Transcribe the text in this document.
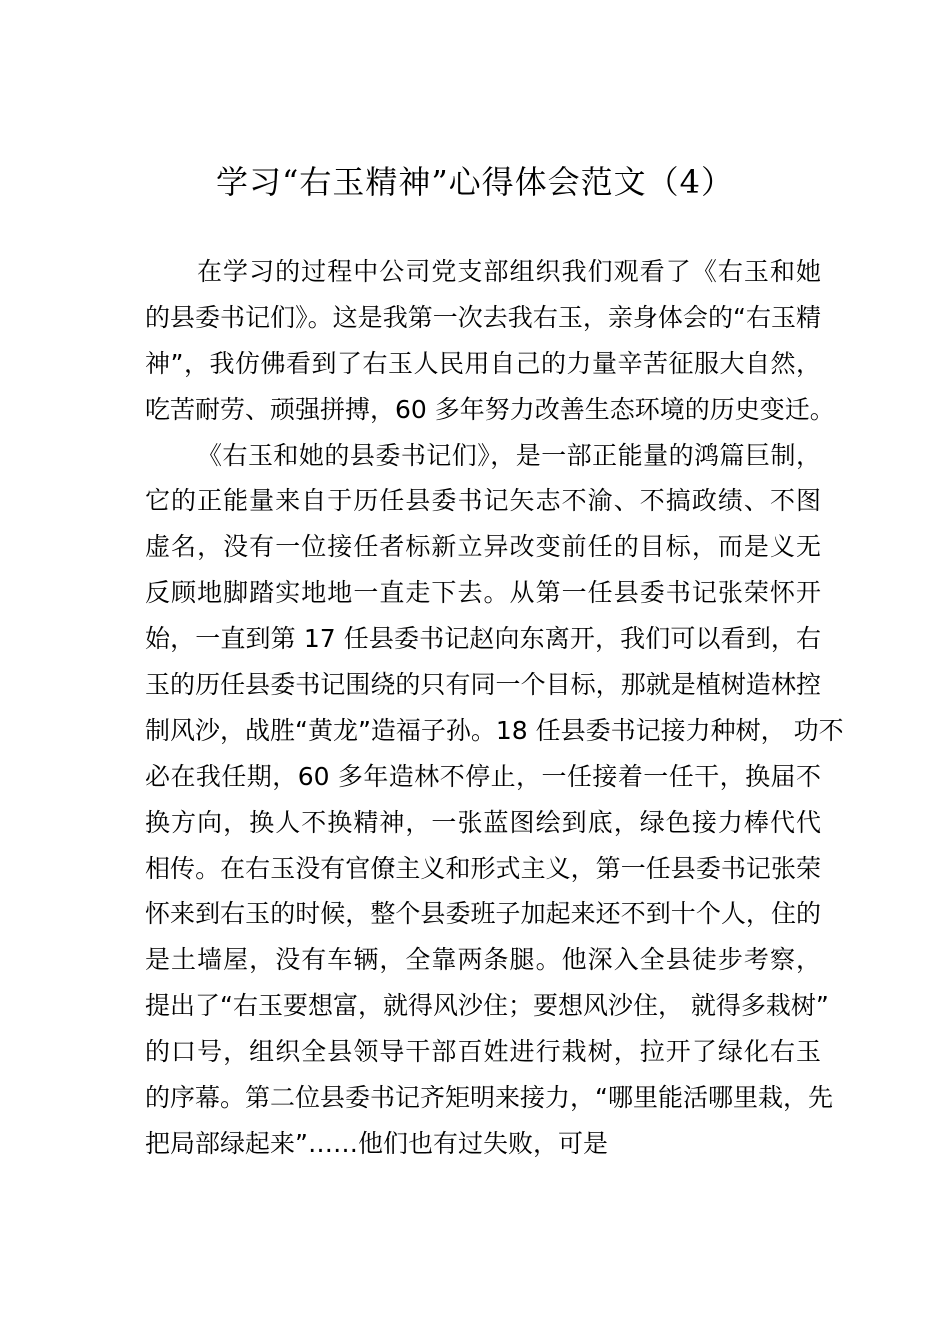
学习“右玉精神”心得体会范文（4）
在学习的过程中公司党支部组织我们观看了《右玉和她
的县委书记们》。这是我第一次去我右玉，亲身体会的“右玉精
神”，我仿佛看到了右玉人民用自己的力量辛苦征服大自然，
吃苦耐劳、顽强拼搏，60 多年努力改善生态环境的历史变迁。
《右玉和她的县委书记们》，是一部正能量的鸿篇巨制，
它的正能量来自于历任县委书记矢志不渝、不搞政绩、不图
虚名，没有一位接任者标新立异改变前任的目标，而是义无
反顾地脚踏实地地一直走下去。从第一任县委书记张荣怀开
始，一直到第 17 任县委书记赵向东离开，我们可以看到，右
玉的历任县委书记围绕的只有同一个目标，那就是植树造林控
制风沙，战胜“黄龙”造福子孙。18 任县委书记接力种树， 功不
必在我任期，60 多年造林不停止，一任接着一任干，换届不
换方向，换人不换精神，一张蓝图绘到底，绿色接力棒代代
相传。在右玉没有官僚主义和形式主义，第一任县委书记张荣
怀来到右玉的时候，整个县委班子加起来还不到十个人，住的
是土墙屋，没有车辆，全靠两条腿。他深入全县徒步考察，
提出了“右玉要想富，就得风沙住；要想风沙住， 就得多栽树”
的口号，组织全县领导干部百姓进行栽树，拉开了绿化右玉
的序幕。第二位县委书记齐矩明来接力，“哪里能活哪里栽，先
把局部绿起来”……他们也有过失败，可是
